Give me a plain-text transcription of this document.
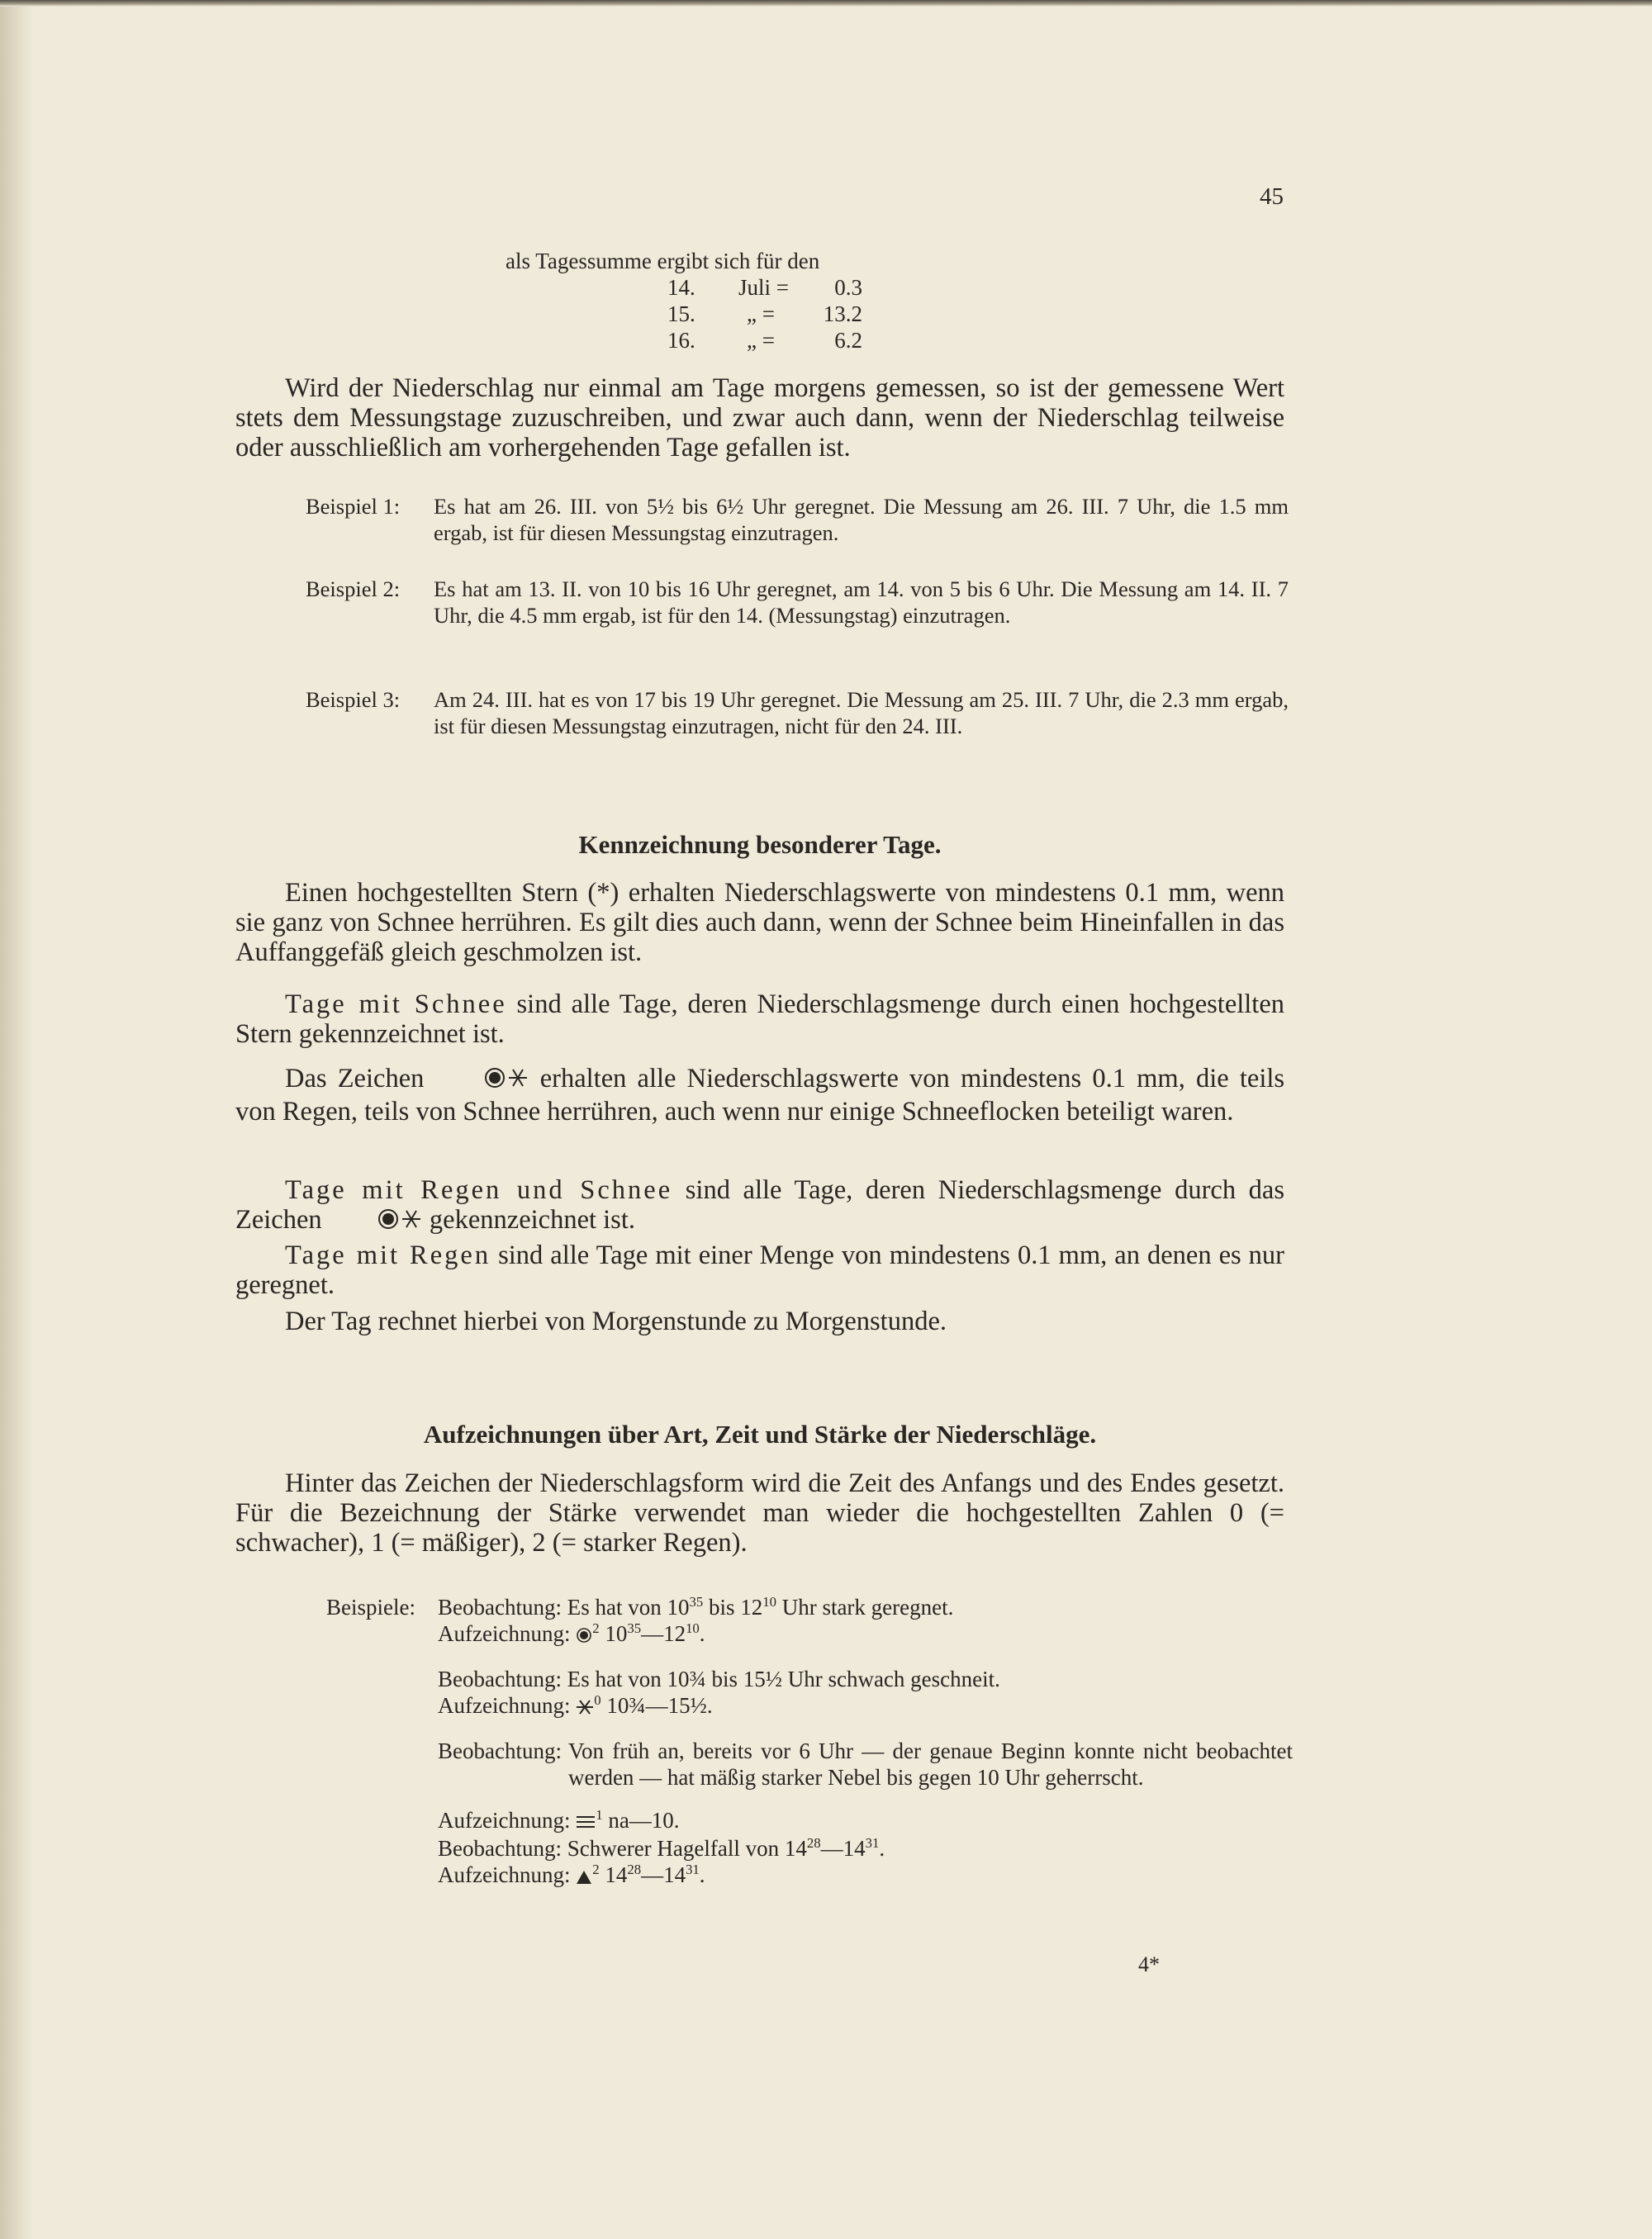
45
als Tagessumme ergibt sich für den
14. Juli = 0.3
15. „ = 13.2
16. „ =	6.2
Wird der Niederschlag nur einmal am Tage morgens gemessen, so ist der gemessene Wert stets dem Messungstage zuzuschreiben, und zwar auch dann, wenn der Niederschlag teilweise oder ausschließlich am vorhergehenden Tage gefallen ist.
Beispiel 1:	Es hat am 26. III. von 5½ bis 6½ Uhr geregnet. Die Messung am 26. III. 7 Uhr, die 1.5 mm ergab, ist für diesen Messungstag einzutragen.
Beispiel 2:	Es hat am 13. II. von 10 bis 16 Uhr geregnet, am 14. von 5 bis 6 Uhr. Die Messung am 14. II. 7 Uhr, die 4.5 mm ergab, ist für den 14. (Messungstag) einzutragen.
Beispiel 3:	Am 24. III. hat es von 17 bis 19 Uhr geregnet. Die Messung am 25. III. 7 Uhr, die 2.3 mm ergab, ist für diesen Messungstag einzutragen, nicht für den 24. III.
Kennzeichnung besonderer Tage.
Einen hochgestellten Stern (*) erhalten Niederschlagswerte von mindestens 0.1 mm, wenn sie ganz von Schnee herrühren. Es gilt dies auch dann, wenn der Schnee beim Hineinfallen in das Auffanggefäß gleich geschmolzen ist.
Tage mit Schnee sind alle Tage, deren Niederschlagsmenge durch einen hochgestellten Stern gekennzeichnet ist.
Das Zeichen	erhalten alle Niederschlagswerte von mindestens 0.1 mm, die teils von Regen, teils von Schnee herrühren, auch wenn nur einige Schneeflocken beteiligt waren.
Tage mit Regen und Schnee sind alle Tage, deren Niederschlagsmenge durch das Zeichen	gekennzeichnet ist.
Tage mit Regen sind alle Tage mit einer Menge von mindestens 0.1 mm, an denen es nur geregnet.
Der Tag rechnet hierbei von Morgenstunde zu Morgenstunde.
Aufzeichnungen über Art, Zeit und Stärke der Niederschläge.
Hinter das Zeichen der Niederschlagsform wird die Zeit des Anfangs und des Endes gesetzt. Für die Bezeichnung der Stärke verwendet man wieder die hochgestellten Zahlen 0 (= schwacher), 1 (= mäßiger), 2 (= starker Regen).
Beispiele:	Beobachtung: Es hat von $10^{35}$ bis $12^{10}$ Uhr stark geregnet.
Aufzeichnung: $^2$ $10^{35}—12^{10}$.
Beobachtung: Es hat von 10¾ bis 15½ Uhr schwach geschneit.
Aufzeichnung: $^0$ 10¾—15½.
Beobachtung: Von früh an, bereits vor 6 Uhr — der genaue Beginn konnte nicht beobachtet werden — hat mäßig starker Nebel bis gegen 10 Uhr geherrscht.
Aufzeichnung: $^1$ na—10.
Beobachtung: Schwerer Hagelfall von $14^{28}—14^{31}$.
Aufzeichnung: $^2$ $14^{28}—14^{31}$.
4*
